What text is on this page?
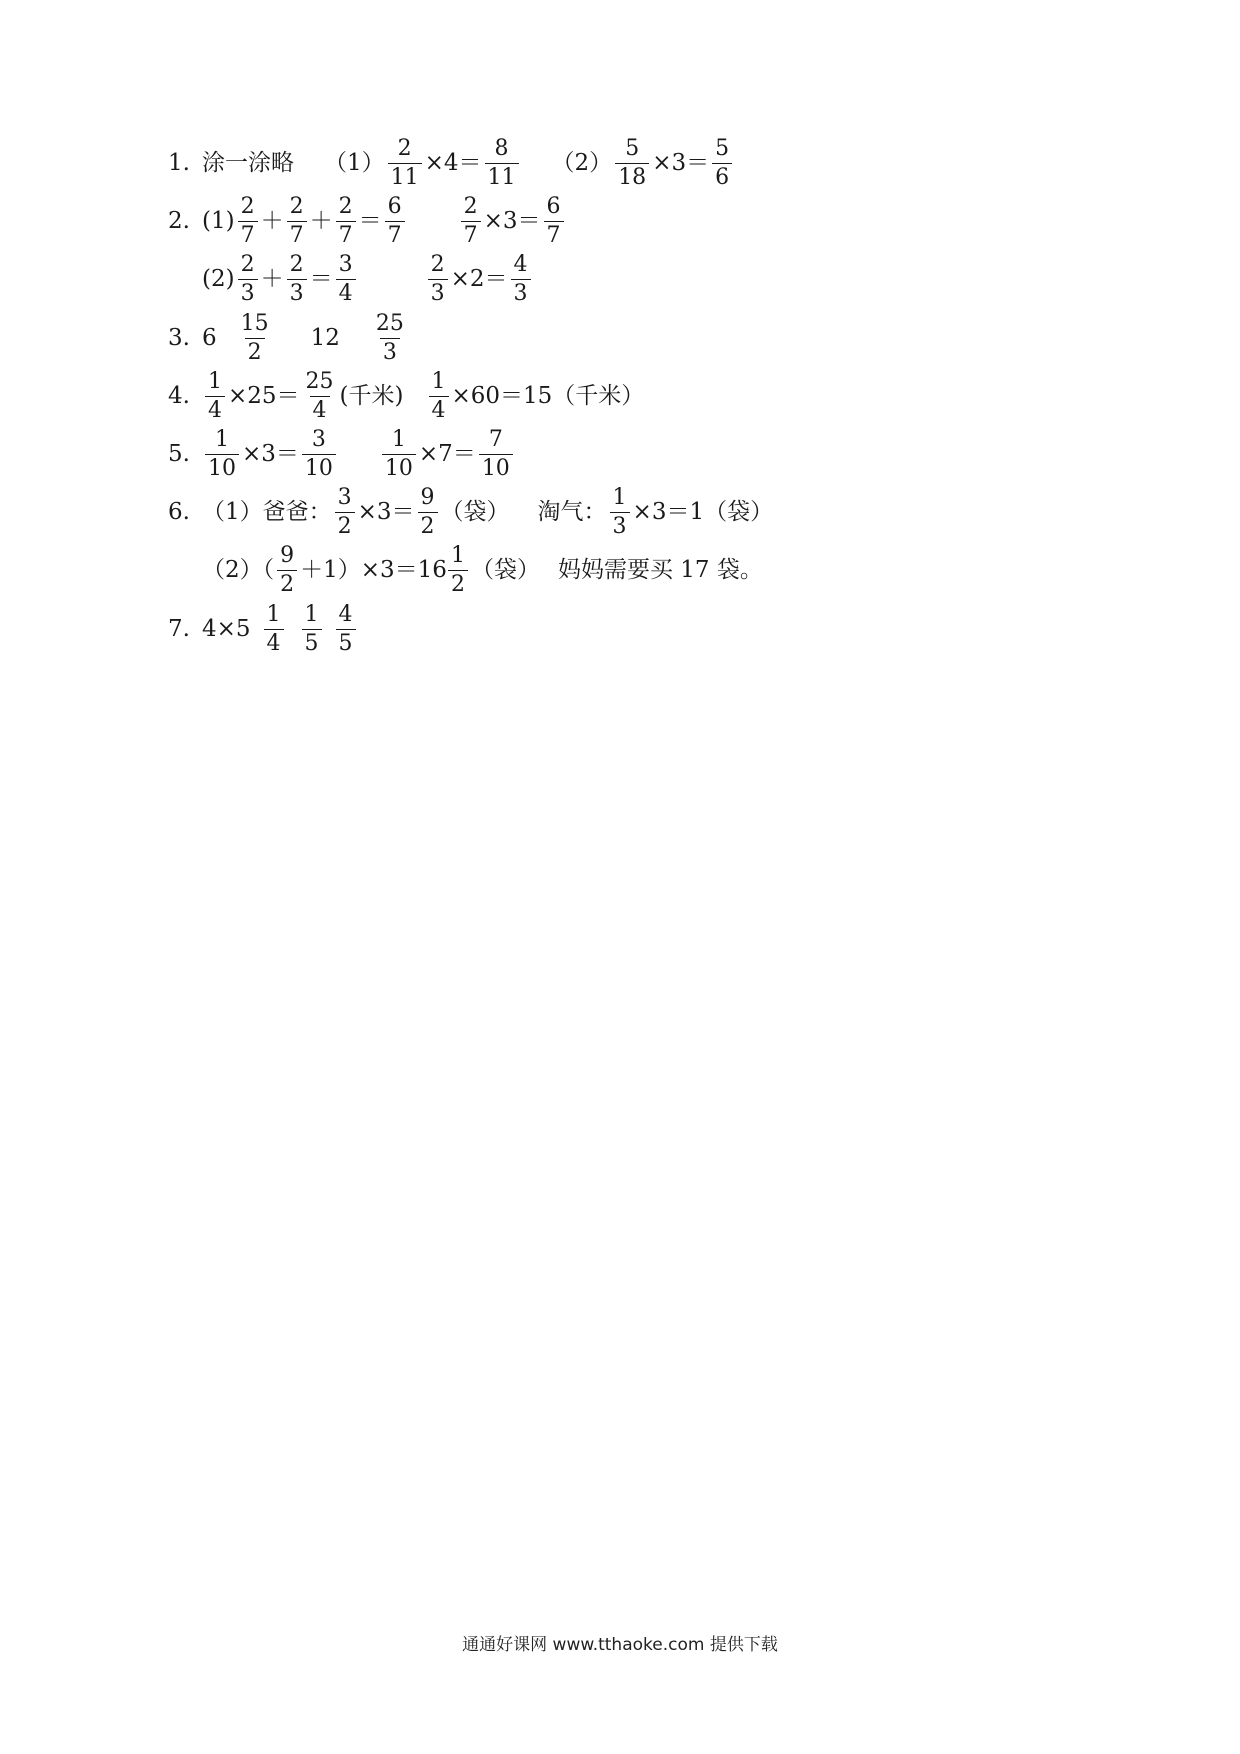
1. 涂一涂略 $(1) \frac{2}{11} \times 4= \frac{8}{11} (2) \frac{5}{18} \times 3= \frac{5}{6}$
2. $(1) \frac{2}{7} + \frac{2}{7} + \frac{2}{7} = \frac{6}{7}$	$\frac{2}{7} \times 3= \frac{6}{7}$
$(2) \frac{2}{3} + \frac{2}{3} = \frac{3}{4}$	$\frac{2}{3} \times 2= \frac{4}{3}$
3. $6 \frac{15}{2} 12 \frac{25}{3}$
4. $\frac{1}{4} \times 25= \frac{25}{4}$ (千米) $\frac{1}{4} \times 60=15$（千米）
5. $\frac{1}{10} \times 3= \frac{3}{10} \frac{1}{10} \times 7= \frac{7}{10}$
6. （1）爸爸： $\frac{3}{2} \times 3= \frac{9}{2}$ （袋） 淘气： $\frac{1}{3} \times 3=1$（袋）
$(2)( \frac{9}{2} +1)\times 3=16 \frac{1}{2}$ （袋） 妈妈需要买 17 袋。
7. $4\times 5 \frac{1}{4} \frac{1}{5} \frac{4}{5}$
通通好课网 www.tthaoke.com 提供下载
